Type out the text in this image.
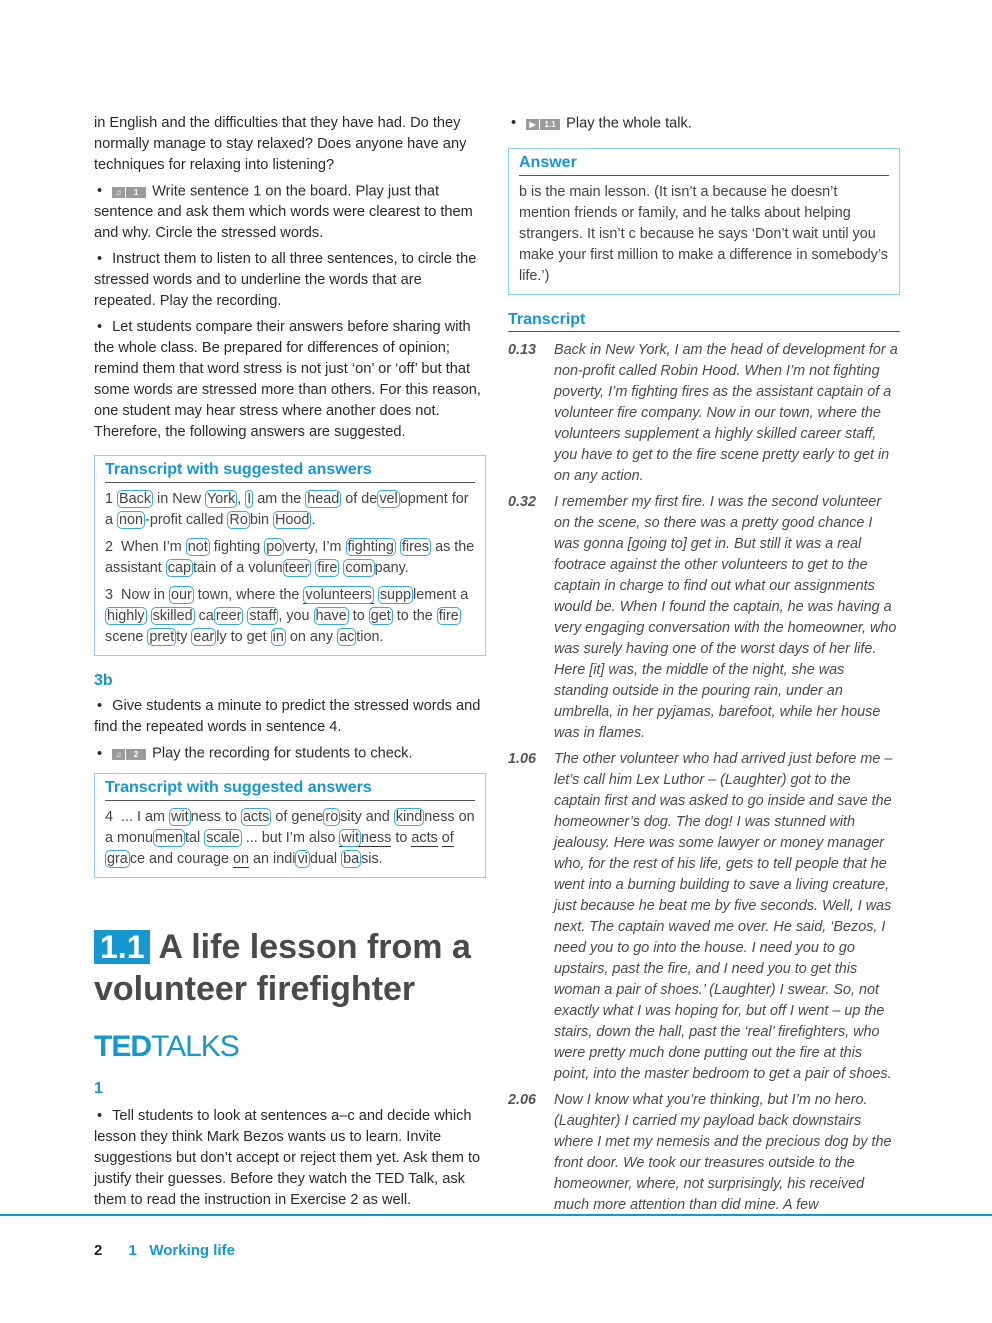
in English and the difficulties that they have had. Do they normally manage to stay relaxed? Does anyone have any techniques for relaxing into listening?

• ♫ 1 Write sentence 1 on the board. Play just that sentence and ask them which words were clearest to them and why. Circle the stressed words.

• Instruct them to listen to all three sentences, to circle the stressed words and to underline the words that are repeated. Play the recording.

• Let students compare their answers before sharing with the whole class. Be prepared for differences of opinion; remind them that word stress is not just ‘on’ or ‘off’ but that some words are stressed more than others. For this reason, one student may hear stress where another does not. Therefore, the following answers are suggested.

Transcript with suggested answers

1 Back in New York , I am the head of de vel opment for a non -profit called Ro bin Hood .

2  When I’m not fighting po verty, I’m fighting fires as the assistant cap tain of a volun teer fire com pany.

3  Now in our town, where the volunteers supp lement a highly skilled ca reer staff , you have to get to the fire scene pret ty ear ly to get in on any ac tion.

3b

• Give students a minute to predict the stressed words and find the repeated words in sentence 4.

• ♫ 2 Play the recording for students to check.

Transcript with suggested answers

4  ... I am wit ness to acts of gene ro sity and kind ness on a monu men tal scale ... but I’m also wit ness to acts of gra ce and courage on an indi vi dual ba sis.

1.1 A life lesson from a volunteer firefighter
TEDTALKS
1

• Tell students to look at sentences a–c and decide which lesson they think Mark Bezos wants us to learn. Invite suggestions but don’t accept or reject them yet. Ask them to justify their guesses. Before they watch the TED Talk, ask them to read the instruction in Exercise 2 as well.

• ▶ 1.1 Play the whole talk.

Answer

b is the main lesson. (It isn’t a because he doesn’t mention friends or family, and he talks about helping strangers. It isn’t c because he says ‘Don’t wait until you make your first million to make a difference in somebody’s life.’)

Transcript
0.13	Back in New York, I am the head of development for a non-profit called Robin Hood. When I’m not fighting poverty, I’m fighting fires as the assistant captain of a volunteer fire company. Now in our town, where the volunteers supplement a highly skilled career staff, you have to get to the fire scene pretty early to get in on any action.
0.32	I remember my first fire. I was the second volunteer on the scene, so there was a pretty good chance I was gonna [going to] get in. But still it was a real footrace against the other volunteers to get to the captain in charge to find out what our assignments would be. When I found the captain, he was having a very engaging conversation with the homeowner, who was surely having one of the worst days of her life. Here [it] was, the middle of the night, she was standing outside in the pouring rain, under an umbrella, in her pyjamas, barefoot, while her house was in flames.
1.06	The other volunteer who had arrived just before me – let’s call him Lex Luthor – (Laughter) got to the captain first and was asked to go inside and save the homeowner’s dog. The dog! I was stunned with jealousy. Here was some lawyer or money manager who, for the rest of his life, gets to tell people that he went into a burning building to save a living creature, just because he beat me by five seconds. Well, I was next. The captain waved me over. He said, ‘Bezos, I need you to go into the house. I need you to go upstairs, past the fire, and I need you to get this woman a pair of shoes.’ (Laughter) I swear. So, not exactly what I was hoping for, but off I went – up the stairs, down the hall, past the ‘real’ firefighters, who were pretty much done putting out the fire at this point, into the master bedroom to get a pair of shoes.
2.06	Now I know what you’re thinking, but I’m no hero. (Laughter) I carried my payload back downstairs where I met my nemesis and the precious dog by the front door. We took our treasures outside to the homeowner, where, not surprisingly, his received much more attention than did mine. A few
2 1   Working life
